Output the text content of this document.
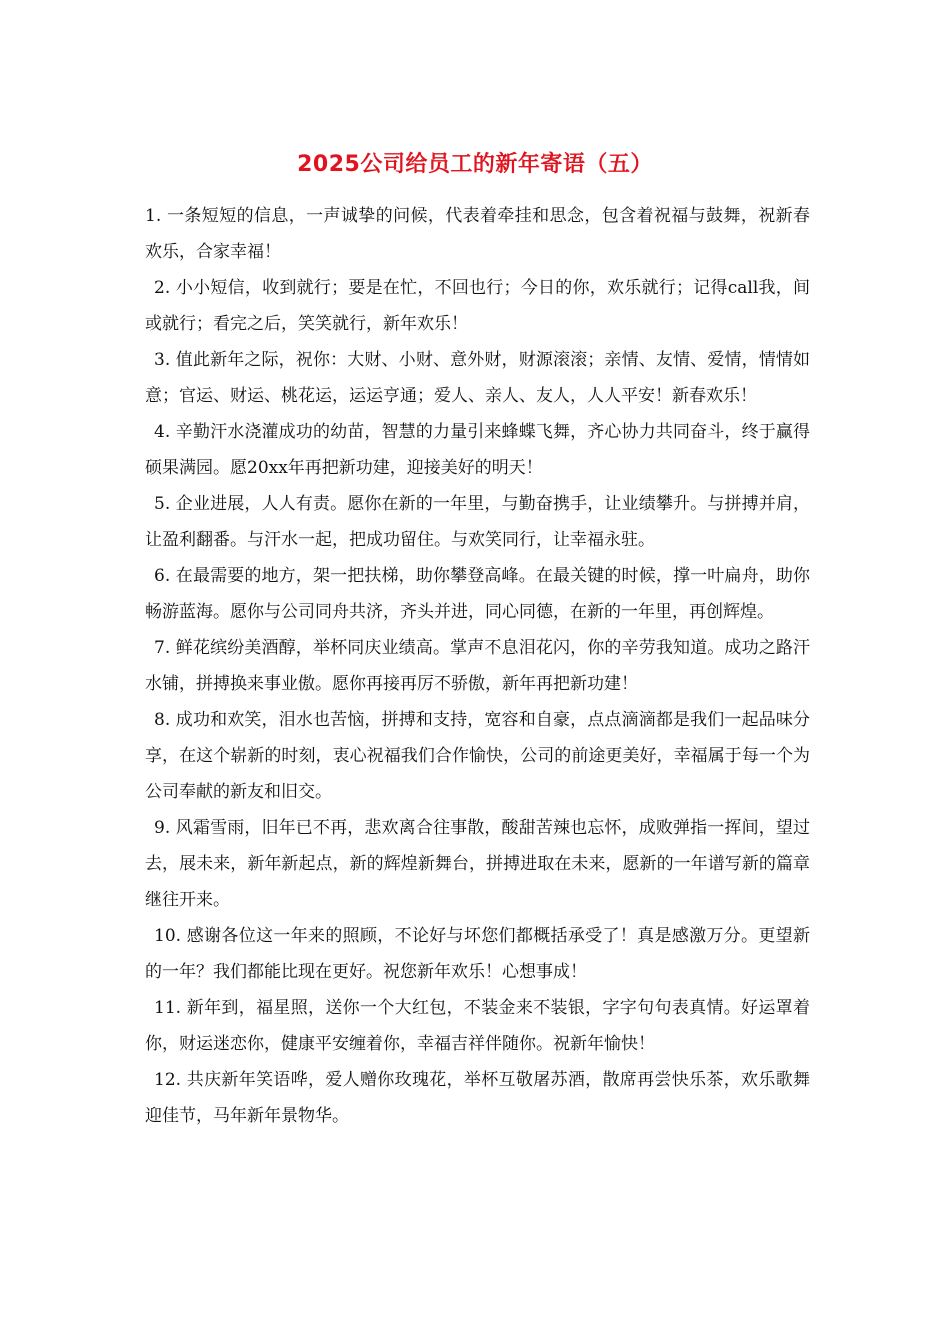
2025公司给员工的新年寄语（五）

1. 一条短短的信息，一声诚挚的问候，代表着牵挂和思念，包含着祝福与鼓舞，祝新春欢乐，合家幸福！

2. 小小短信，收到就行；要是在忙，不回也行；今日的你，欢乐就行；记得call我，间或就行；看完之后，笑笑就行，新年欢乐！

3. 值此新年之际，祝你：大财、小财、意外财，财源滚滚；亲情、友情、爱情，情情如意；官运、财运、桃花运，运运亨通；爱人、亲人、友人，人人平安！新春欢乐！

4. 辛勤汗水浇灌成功的幼苗，智慧的力量引来蜂蝶飞舞，齐心协力共同奋斗，终于赢得硕果满园。愿20xx年再把新功建，迎接美好的明天！

5. 企业进展，人人有责。愿你在新的一年里，与勤奋携手，让业绩攀升。与拼搏并肩，让盈利翻番。与汗水一起，把成功留住。与欢笑同行，让幸福永驻。

6. 在最需要的地方，架一把扶梯，助你攀登高峰。在最关键的时候，撑一叶扁舟，助你畅游蓝海。愿你与公司同舟共济，齐头并进，同心同德，在新的一年里，再创辉煌。

7. 鲜花缤纷美酒醇，举杯同庆业绩高。掌声不息泪花闪，你的辛劳我知道。成功之路汗水铺，拼搏换来事业傲。愿你再接再厉不骄傲，新年再把新功建！

8. 成功和欢笑，泪水也苦恼，拼搏和支持，宽容和自豪，点点滴滴都是我们一起品味分享，在这个崭新的时刻，衷心祝福我们合作愉快，公司的前途更美好，幸福属于每一个为公司奉献的新友和旧交。

9. 风霜雪雨，旧年已不再，悲欢离合往事散，酸甜苦辣也忘怀，成败弹指一挥间，望过去，展未来，新年新起点，新的辉煌新舞台，拼搏进取在未来，愿新的一年谱写新的篇章继往开来。

10. 感谢各位这一年来的照顾，不论好与坏您们都概括承受了！真是感激万分。更望新的一年？我们都能比现在更好。祝您新年欢乐！心想事成！

11. 新年到，福星照，送你一个大红包，不装金来不装银，字字句句表真情。好运罩着你，财运迷恋你，健康平安缠着你，幸福吉祥伴随你。祝新年愉快！

12. 共庆新年笑语哗，爱人赠你玫瑰花，举杯互敬屠苏酒，散席再尝快乐茶，欢乐歌舞迎佳节，马年新年景物华。
